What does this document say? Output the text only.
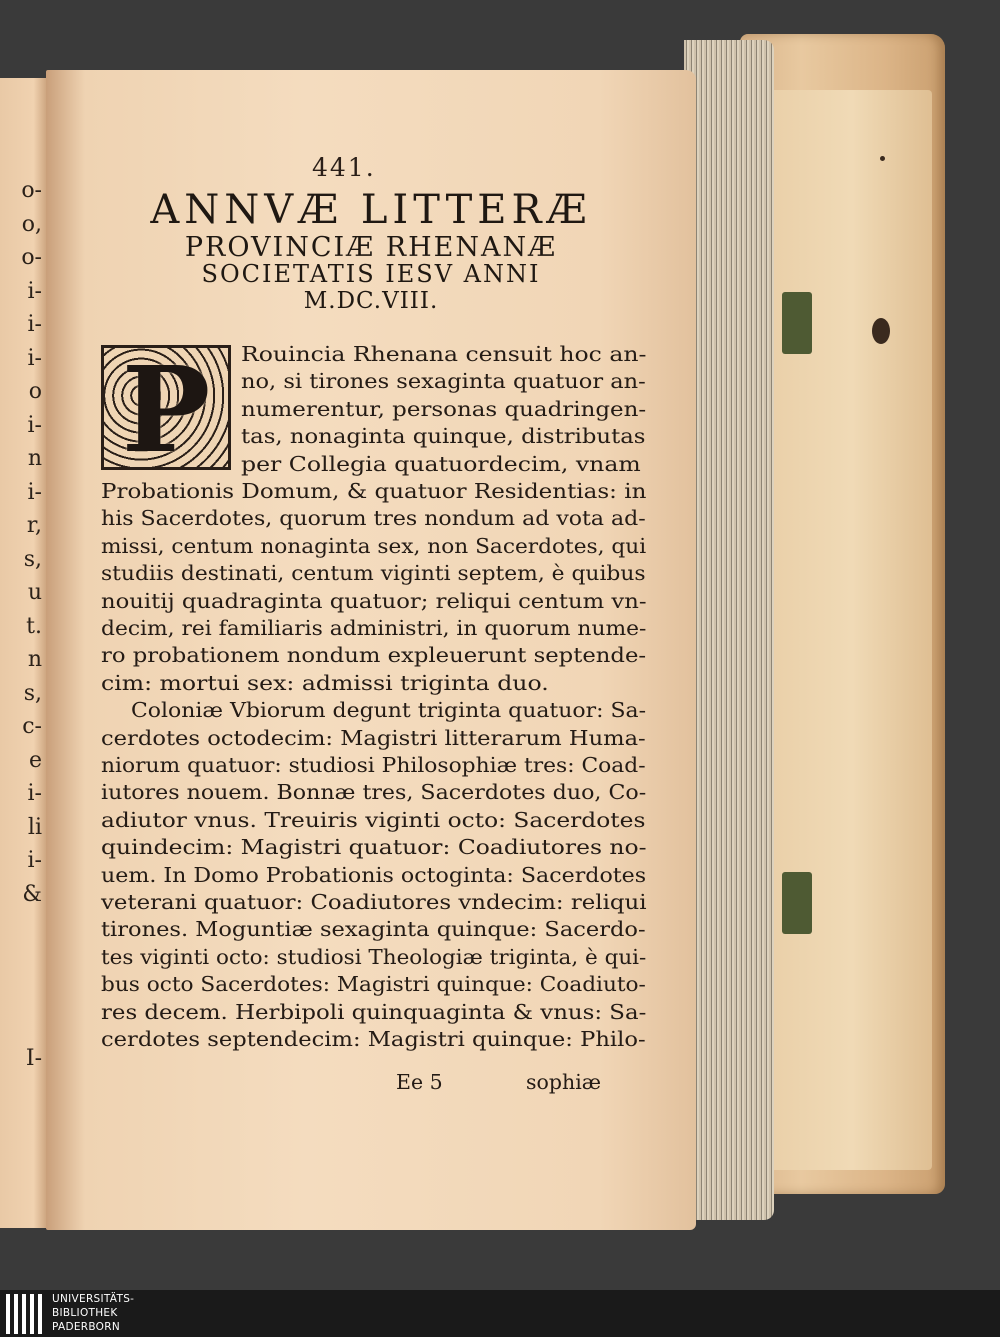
o-
o,
o-
i-
i-
i-
o
i-
n
i-
r,
s,
u
t.
n
s,
c-
e
i-
li
i-
&
I-
441.
ANNVÆ LITTERÆ
PROVINCIÆ RHENANÆ
SOCIETATIS IESV ANNI
M.DC.VIII.
P	Rouincia Rhenana censuit hoc an-
no, si tirones sexaginta quatuor an-
numerentur, personas quadringen-
tas, nonaginta quinque, distributas
per Collegia quatuordecim, vnam
Probationis Domum, & quatuor Residentias: in
his Sacerdotes, quorum tres nondum ad vota ad-
missi, centum nonaginta sex, non Sacerdotes, qui
studiis destinati, centum viginti septem, è quibus
nouitij quadraginta quatuor; reliqui centum vn-
decim, rei familiaris administri, in quorum nume-
ro probationem nondum expleuerunt septende-
cim: mortui sex: admissi triginta duo.
Coloniæ Vbiorum degunt triginta quatuor: Sa-
cerdotes octodecim: Magistri litterarum Huma-
niorum quatuor: studiosi Philosophiæ tres: Coad-
iutores nouem. Bonnæ tres, Sacerdotes duo, Co-
adiutor vnus. Treuiris viginti octo: Sacerdotes
quindecim: Magistri quatuor: Coadiutores no-
uem. In Domo Probationis octoginta: Sacerdotes
veterani quatuor: Coadiutores vndecim: reliqui
tirones. Moguntiæ sexaginta quinque: Sacerdo-
tes viginti octo: studiosi Theologiæ triginta, è qui-
bus octo Sacerdotes: Magistri quinque: Coadiuto-
res decem. Herbipoli quinquaginta & vnus: Sa-
cerdotes septendecim: Magistri quinque: Philo-
Ee 5	sophiæ
UNIVERSITÄTS-
BIBLIOTHEK
PADERBORN
